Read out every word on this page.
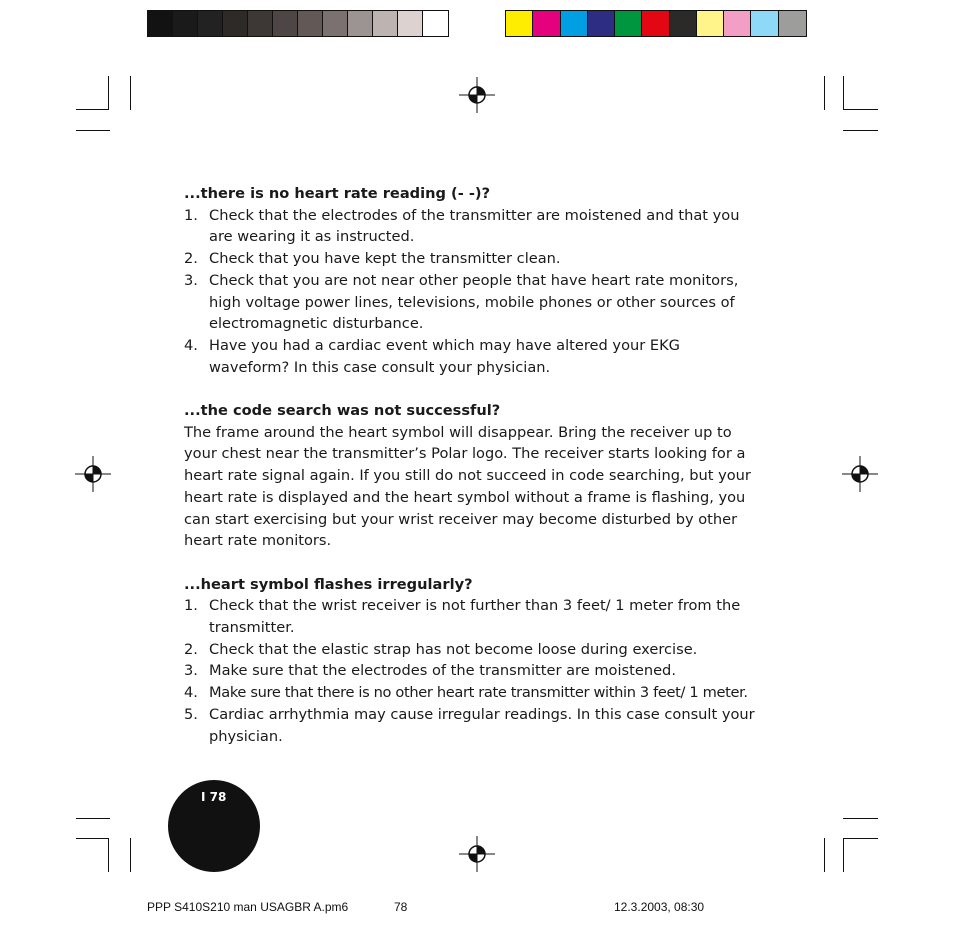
...there is no heart rate reading (- -)?
1. Check that the electrodes of the transmitter are moistened and that you are wearing it as instructed.
2. Check that you have kept the transmitter clean.
3. Check that you are not near other people that have heart rate monitors, high voltage power lines, televisions, mobile phones or other sources of electromagnetic disturbance.
4. Have you had a cardiac event which may have altered your EKG waveform? In this case consult your physician.
...the code search was not successful?
The frame around the heart symbol will disappear. Bring the receiver up to your chest near the transmitter’s Polar logo. The receiver starts looking for a heart rate signal again. If you still do not succeed in code searching, but your heart rate is displayed and the heart symbol without a frame is flashing, you can start exercising but your wrist receiver may become disturbed by other heart rate monitors.
...heart symbol flashes irregularly?
1. Check that the wrist receiver is not further than 3 feet/ 1 meter from the transmitter.
2. Check that the elastic strap has not become loose during exercise.
3. Make sure that the electrodes of the transmitter are moistened.
4. Make sure that there is no other heart rate transmitter within 3 feet/ 1 meter.
5. Cardiac arrhythmia may cause irregular readings. In this case consult your physician.
I 78
PPP S410S210 man USAGBR A.pm6	78	12.3.2003, 08:30
